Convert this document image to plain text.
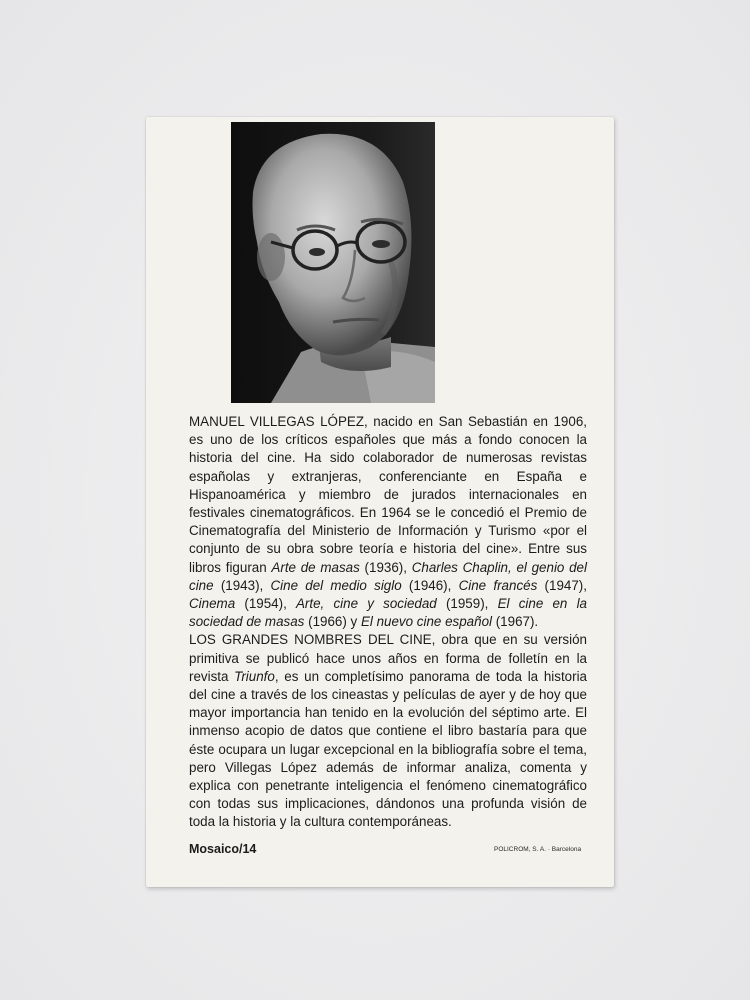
MANUEL VILLEGAS LÓPEZ, nacido en San Sebastián en 1906, es uno de los críticos españoles que más a fondo conocen la historia del cine. Ha sido colaborador de numerosas revistas españolas y extranjeras, conferenciante en España e Hispanoamérica y miembro de jurados internacionales en festivales cinematográficos. En 1964 se le concedió el Premio de Cinematografía del Ministerio de Información y Turismo «por el conjunto de su obra sobre teoría e historia del cine». Entre sus libros figuran Arte de masas (1936), Charles Chaplin, el genio del cine (1943), Cine del medio siglo (1946), Cine francés (1947), Cinema (1954), Arte, cine y sociedad (1959), El cine en la sociedad de masas (1966) y El nuevo cine español (1967).

LOS GRANDES NOMBRES DEL CINE, obra que en su versión primitiva se publicó hace unos años en forma de folletín en la revista Triunfo, es un completísimo panorama de toda la historia del cine a través de los cineastas y películas de ayer y de hoy que mayor importancia han tenido en la evolución del séptimo arte. El inmenso acopio de datos que contiene el libro bastaría para que éste ocupara un lugar excepcional en la bibliografía sobre el tema, pero Villegas López además de informar analiza, comenta y explica con penetrante inteligencia el fenómeno cinematográfico con todas sus implicaciones, dándonos una profunda visión de toda la historia y la cultura contemporáneas.

Mosaico/14	POLICROM, S. A. · Barcelona
